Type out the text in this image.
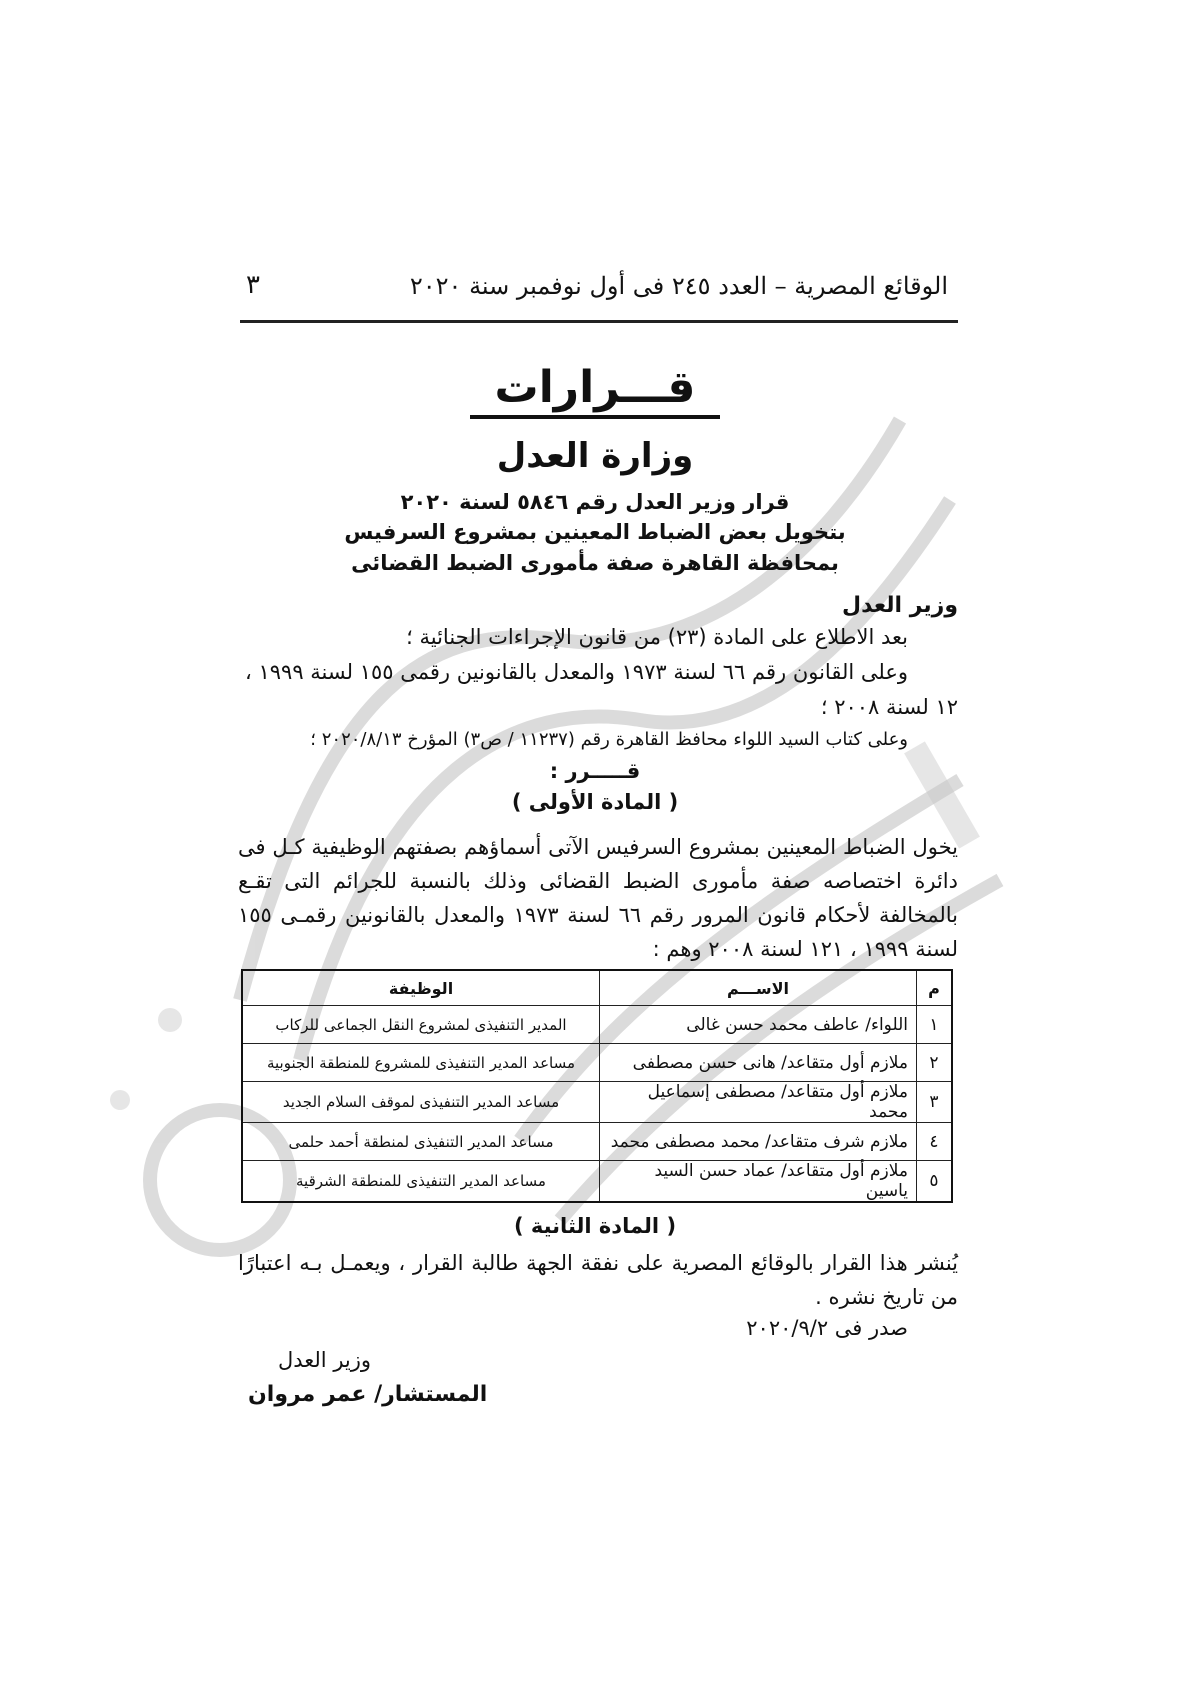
الوقائع المصرية – العدد ٢٤٥ فى أول نوفمبر سنة ٢٠٢٠
٣
قـــرارات
وزارة العدل
قرار وزير العدل رقم ٥٨٤٦ لسنة ٢٠٢٠
بتخويل بعض الضباط المعينين بمشروع السرفيس
بمحافظة القاهرة صفة مأمورى الضبط القضائى
وزير العدل
بعد الاطلاع على المادة (٢٣) من قانون الإجراءات الجنائية ؛
وعلى القانون رقم ٦٦ لسنة ١٩٧٣ والمعدل بالقانونين رقمى ١٥٥ لسنة ١٩٩٩ ،
١٢ لسنة ٢٠٠٨ ؛
وعلى كتاب السيد اللواء محافظ القاهرة رقم (١١٢٣٧ / ص٣) المؤرخ ٢٠٢٠/٨/١٣ ؛
قـــــرر :
( المادة الأولى )
يخول الضباط المعينين بمشروع السرفيس الآتى أسماؤهم بصفتهم الوظيفية كـل فى دائرة اختصاصه صفة مأمورى الضبط القضائى وذلك بالنسبة للجرائم التى تقـع بالمخالفة لأحكام قانون المرور رقم ٦٦ لسنة ١٩٧٣ والمعدل بالقانونين رقمـى ١٥٥ لسنة ١٩٩٩ ، ١٢١ لسنة ٢٠٠٨ وهم :
م	الاســـم	الوظيفة
١	اللواء/ عاطف محمد حسن غالى	المدير التنفيذى لمشروع النقل الجماعى للركاب
٢	ملازم أول متقاعد/ هانى حسن مصطفى	مساعد المدير التنفيذى للمشروع للمنطقة الجنوبية
٣	ملازم أول متقاعد/ مصطفى إسماعيل محمد	مساعد المدير التنفيذى لموقف السلام الجديد
٤	ملازم شرف متقاعد/ محمد مصطفى محمد	مساعد المدير التنفيذى لمنطقة أحمد حلمى
٥	ملازم أول متقاعد/ عماد حسن السيد ياسين	مساعد المدير التنفيذى للمنطقة الشرقية
( المادة الثانية )
يُنشر هذا القرار بالوقائع المصرية على نفقة الجهة طالبة القرار ، ويعمـل بـه اعتبارًا من تاريخ نشره .
صدر فى ٢٠٢٠/٩/٢
وزير العدل
المستشار/ عمر مروان
